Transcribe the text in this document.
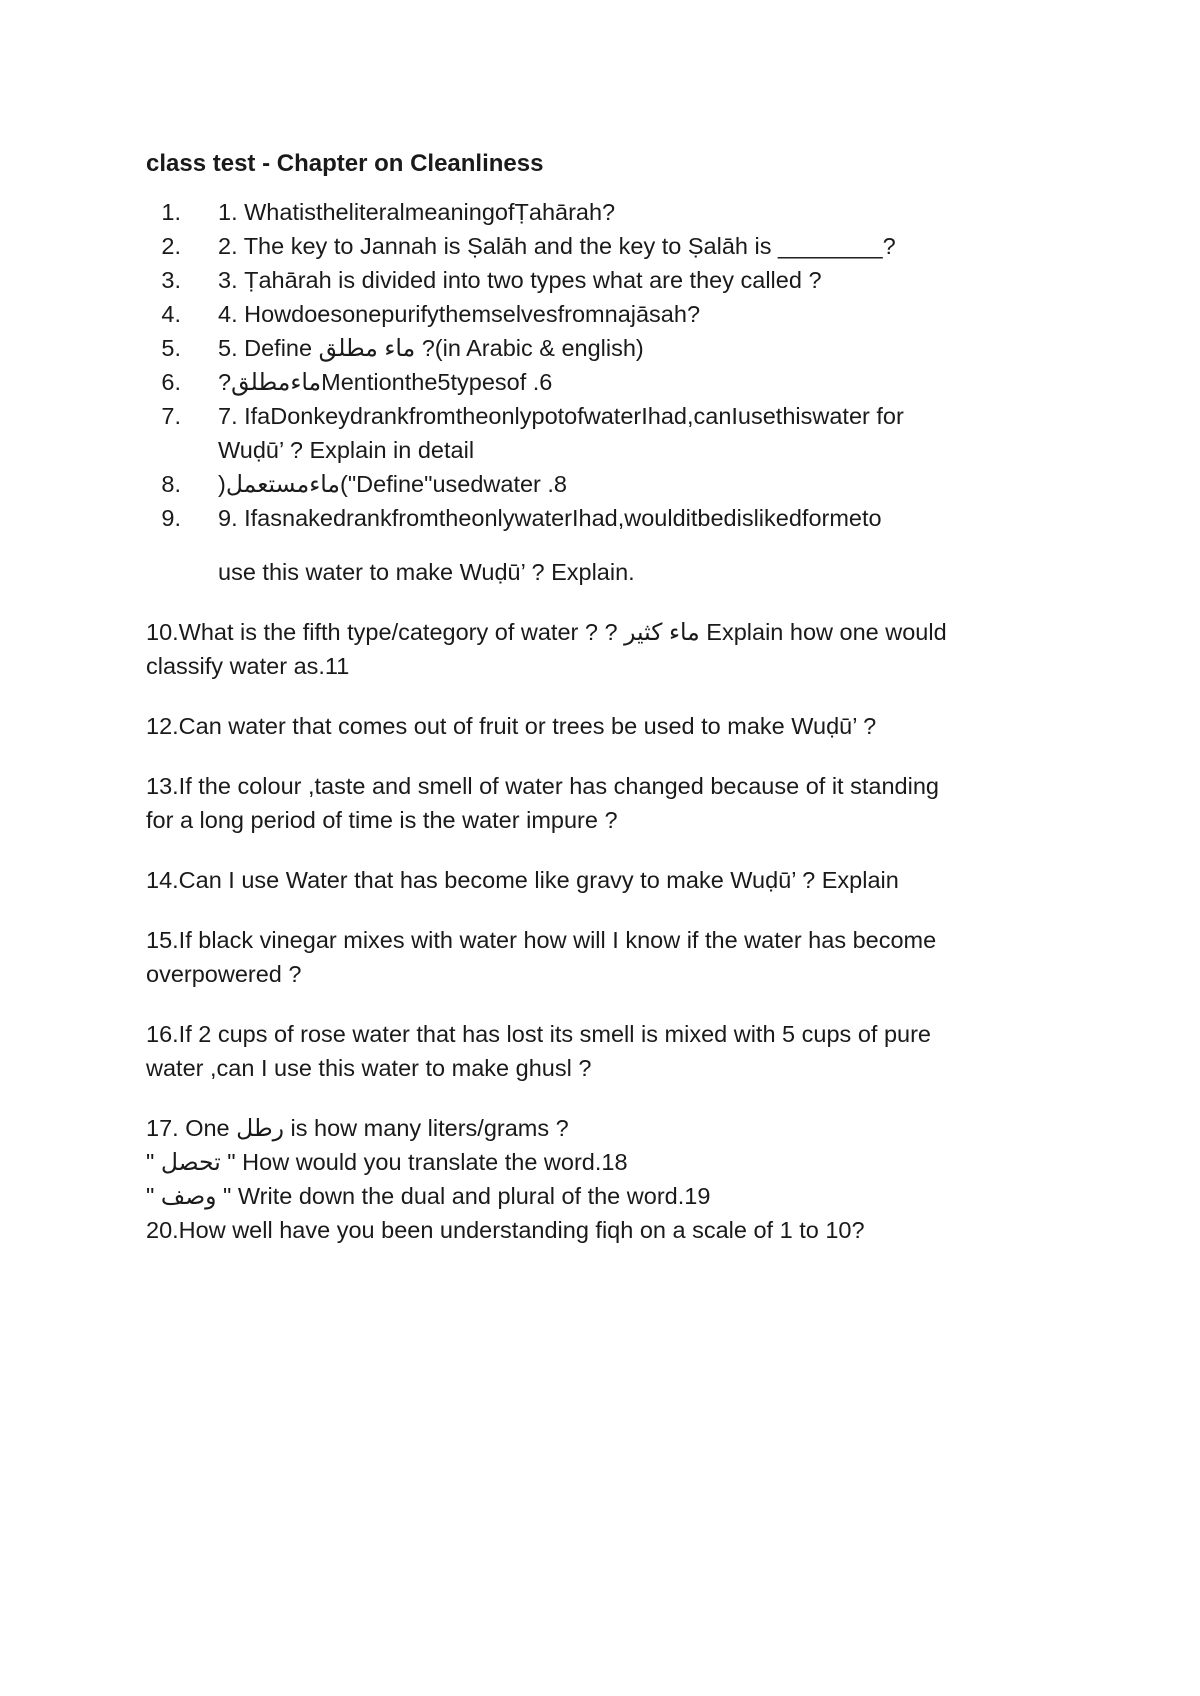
class test - Chapter on Cleanliness
1. 1. WhatistheliteralmeaningofṬahārah?
2. 2. The key to Jannah is Ṣalāh and the key to Ṣalāh is ________?
3. 3. Ṭahārah is divided into two types what are they called ?
4. 4. Howdoesonepurifythemselvesfromnajāsah?
5. 5. Define ماء مطلق ?(in Arabic & english)
6. ?ماءمطلقMentionthe5typesof .6
7. 7. IfaDonkeydrankfromtheonlypotofwaterIhad,canIusethiswater for
Wuḍū’ ? Explain in detail
8. )ماءمستعمل("Define"usedwater .8
9. 9. IfasnakedrankfromtheonlywaterIhad,woulditbedislikedformeto
use this water to make Wuḍū’ ? Explain.
10.What is the fifth type/category of water ? ? ماء كثير Explain how one would
classify water as.11
12.Can water that comes out of fruit or trees be used to make Wuḍū’ ?
13.If the colour ,taste and smell of water has changed because of it standing
for a long period of time is the water impure ?
14.Can I use Water that has become like gravy to make Wuḍū’ ? Explain
15.If black vinegar mixes with water how will I know if the water has become
overpowered ?
16.If 2 cups of rose water that has lost its smell is mixed with 5 cups of pure
water ,can I use this water to make ghusl ?
17. One رطل is how many liters/grams ?
" تحصل " How would you translate the word.18
" وصف " Write down the dual and plural of the word.19
20.How well have you been understanding fiqh on a scale of 1 to 10?
